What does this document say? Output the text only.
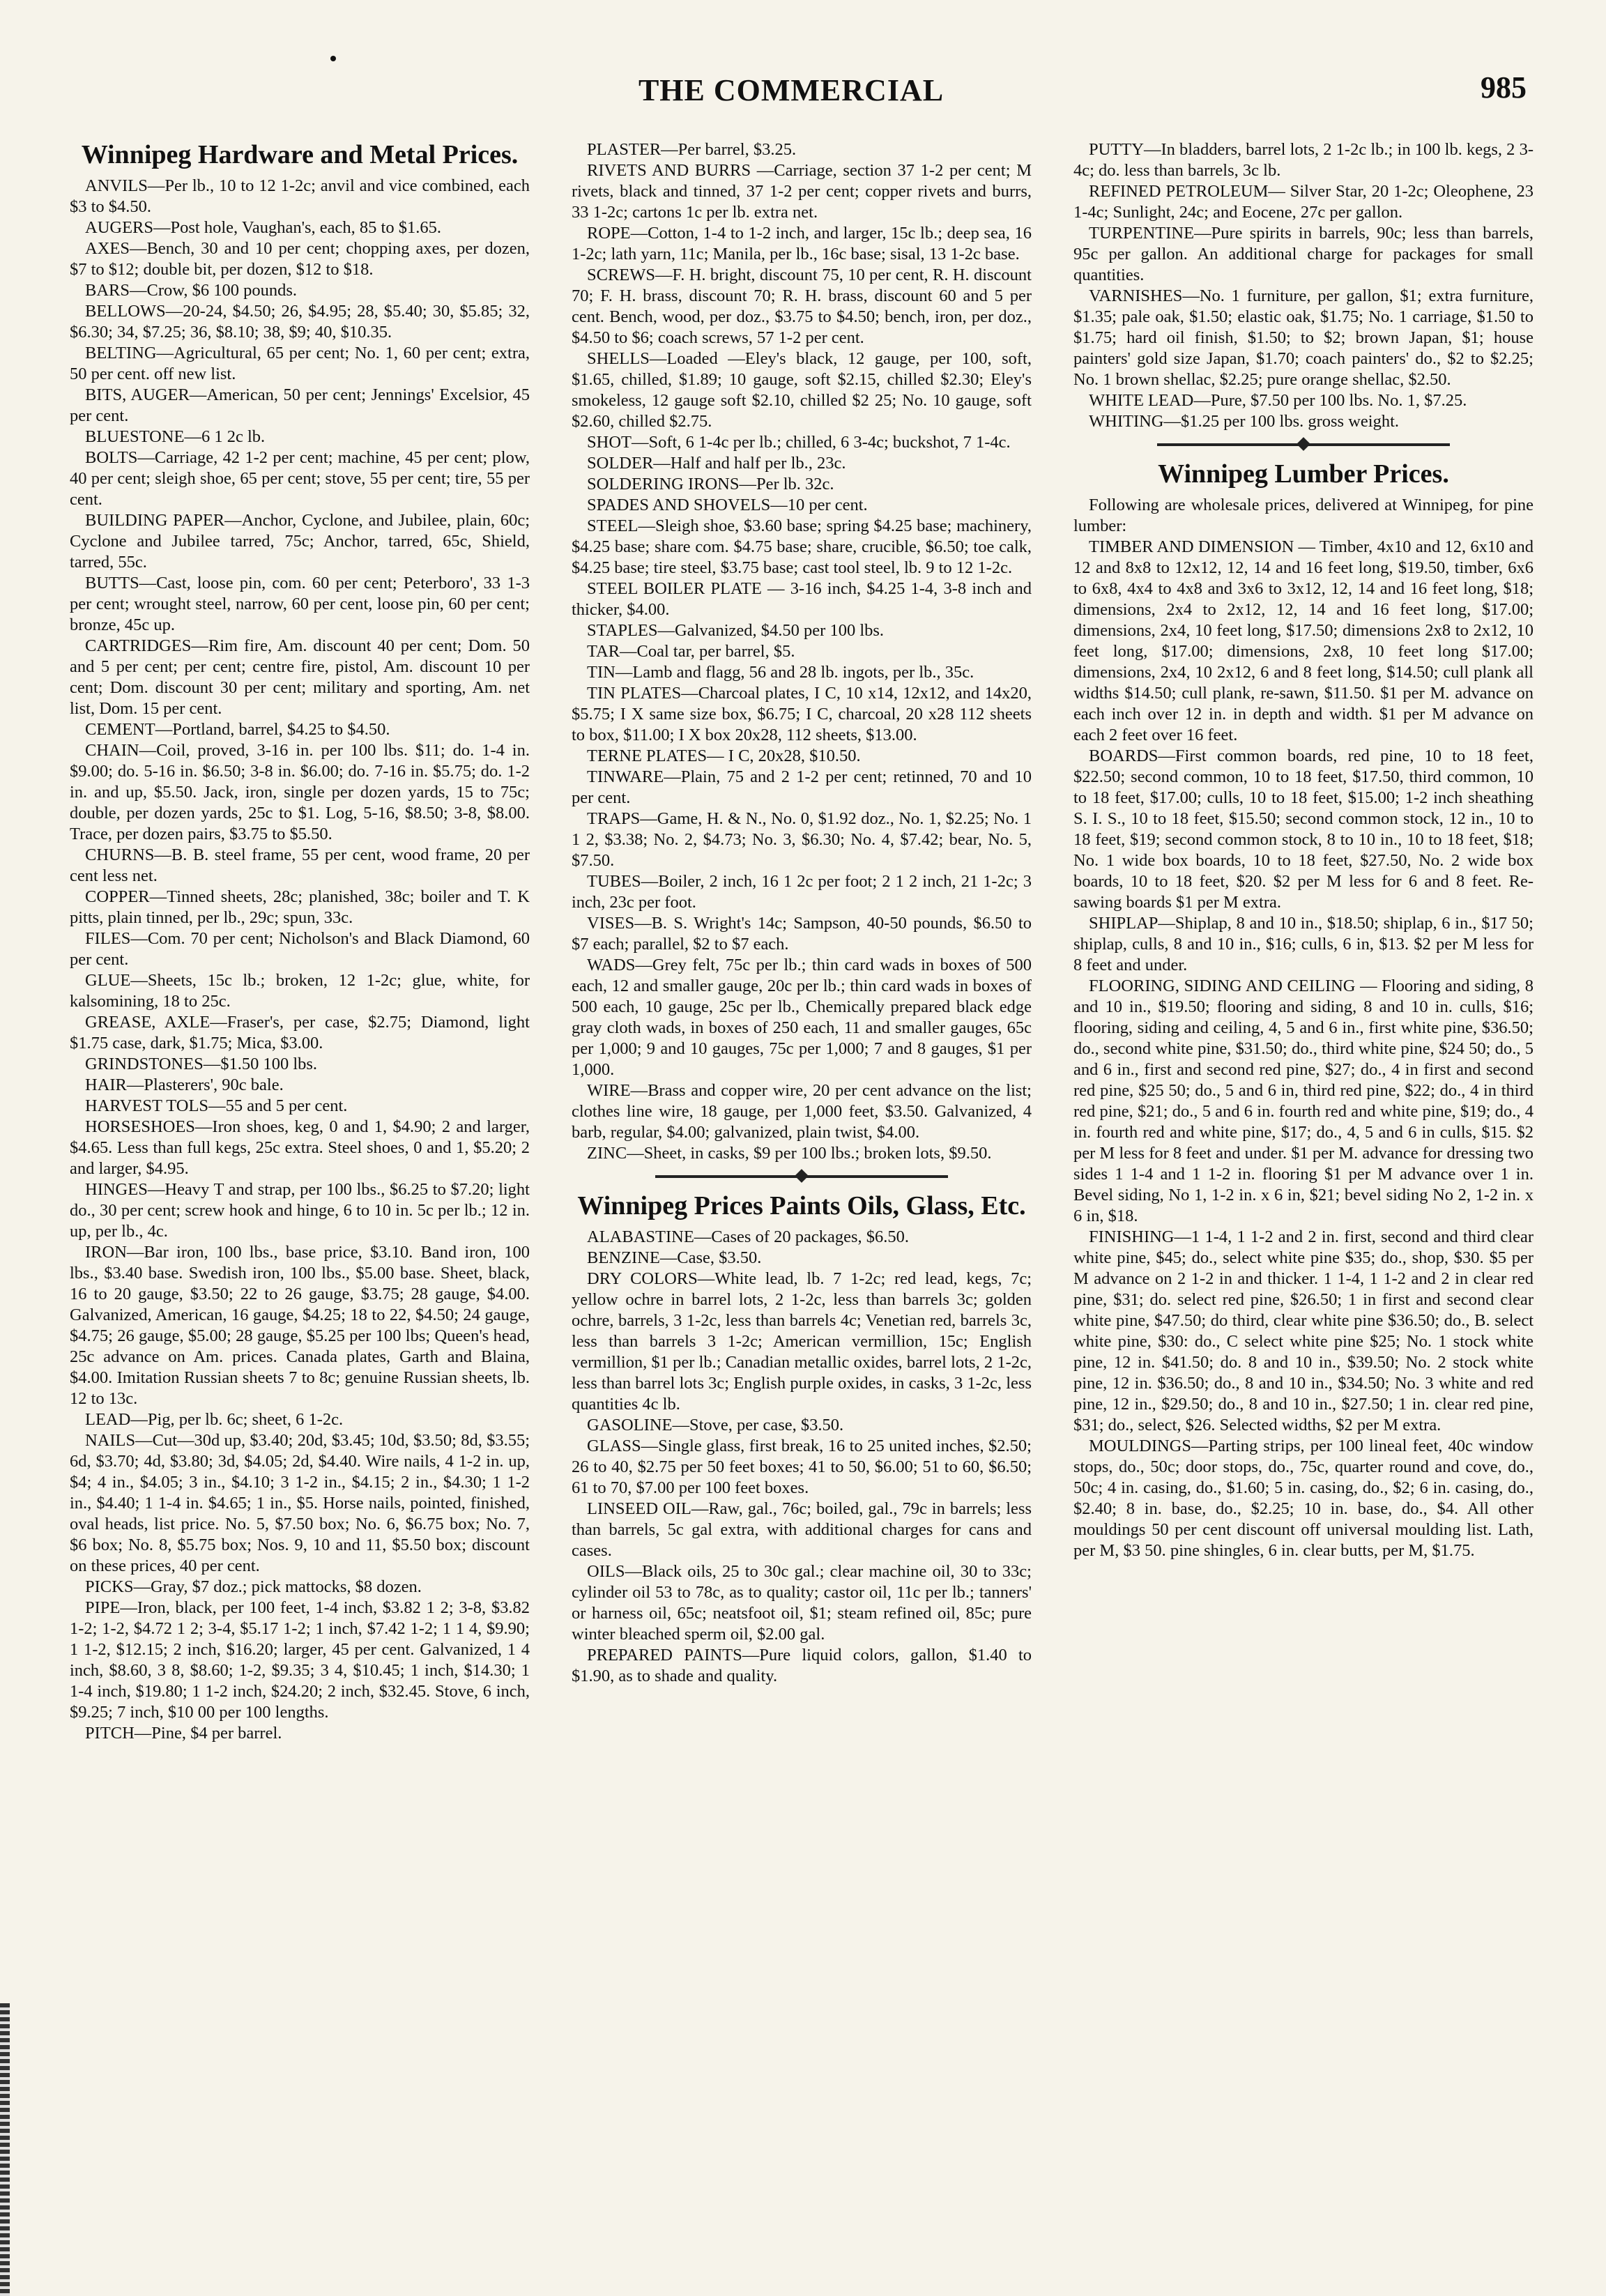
THE COMMERCIAL	985
Winnipeg Hardware and Metal Prices.

ANVILS—Per lb., 10 to 12 1-2c; anvil and vice combined, each $3 to $4.50.

AUGERS—Post hole, Vaughan's, each, 85 to $1.65.

AXES—Bench, 30 and 10 per cent; chopping axes, per dozen, $7 to $12; double bit, per dozen, $12 to $18.

BARS—Crow, $6 100 pounds.

BELLOWS—20-24, $4.50; 26, $4.95; 28, $5.40; 30, $5.85; 32, $6.30; 34, $7.25; 36, $8.10; 38, $9; 40, $10.35.

BELTING—Agricultural, 65 per cent; No. 1, 60 per cent; extra, 50 per cent. off new list.

BITS, AUGER—American, 50 per cent; Jennings' Excelsior, 45 per cent.

BLUESTONE—6 1 2c lb.

BOLTS—Carriage, 42 1-2 per cent; machine, 45 per cent; plow, 40 per cent; sleigh shoe, 65 per cent; stove, 55 per cent; tire, 55 per cent.

BUILDING PAPER—Anchor, Cyclone, and Jubilee, plain, 60c; Cyclone and Jubilee tarred, 75c; Anchor, tarred, 65c, Shield, tarred, 55c.

BUTTS—Cast, loose pin, com. 60 per cent; Peterboro', 33 1-3 per cent; wrought steel, narrow, 60 per cent, loose pin, 60 per cent; bronze, 45c up.

CARTRIDGES—Rim fire, Am. discount 40 per cent; Dom. 50 and 5 per cent; per cent; centre fire, pistol, Am. discount 10 per cent; Dom. discount 30 per cent; military and sporting, Am. net list, Dom. 15 per cent.

CEMENT—Portland, barrel, $4.25 to $4.50.

CHAIN—Coil, proved, 3-16 in. per 100 lbs. $11; do. 1-4 in. $9.00; do. 5-16 in. $6.50; 3-8 in. $6.00; do. 7-16 in. $5.75; do. 1-2 in. and up, $5.50. Jack, iron, single per dozen yards, 15 to 75c; double, per dozen yards, 25c to $1. Log, 5-16, $8.50; 3-8, $8.00. Trace, per dozen pairs, $3.75 to $5.50.

CHURNS—B. B. steel frame, 55 per cent, wood frame, 20 per cent less net.

COPPER—Tinned sheets, 28c; planished, 38c; boiler and T. K pitts, plain tinned, per lb., 29c; spun, 33c.

FILES—Com. 70 per cent; Nicholson's and Black Diamond, 60 per cent.

GLUE—Sheets, 15c lb.; broken, 12 1-2c; glue, white, for kalsomining, 18 to 25c.

GREASE, AXLE—Fraser's, per case, $2.75; Diamond, light $1.75 case, dark, $1.75; Mica, $3.00.

GRINDSTONES—$1.50 100 lbs.

HAIR—Plasterers', 90c bale.

HARVEST TOLS—55 and 5 per cent.

HORSESHOES—Iron shoes, keg, 0 and 1, $4.90; 2 and larger, $4.65. Less than full kegs, 25c extra. Steel shoes, 0 and 1, $5.20; 2 and larger, $4.95.

HINGES—Heavy T and strap, per 100 lbs., $6.25 to $7.20; light do., 30 per cent; screw hook and hinge, 6 to 10 in. 5c per lb.; 12 in. up, per lb., 4c.

IRON—Bar iron, 100 lbs., base price, $3.10. Band iron, 100 lbs., $3.40 base. Swedish iron, 100 lbs., $5.00 base. Sheet, black, 16 to 20 gauge, $3.50; 22 to 26 gauge, $3.75; 28 gauge, $4.00. Galvanized, American, 16 gauge, $4.25; 18 to 22, $4.50; 24 gauge, $4.75; 26 gauge, $5.00; 28 gauge, $5.25 per 100 lbs; Queen's head, 25c advance on Am. prices. Canada plates, Garth and Blaina, $4.00. Imitation Russian sheets 7 to 8c; genuine Russian sheets, lb. 12 to 13c.

LEAD—Pig, per lb. 6c; sheet, 6 1-2c.

NAILS—Cut—30d up, $3.40; 20d, $3.45; 10d, $3.50; 8d, $3.55; 6d, $3.70; 4d, $3.80; 3d, $4.05; 2d, $4.40. Wire nails, 4 1-2 in. up, $4; 4 in., $4.05; 3 in., $4.10; 3 1-2 in., $4.15; 2 in., $4.30; 1 1-2 in., $4.40; 1 1-4 in. $4.65; 1 in., $5. Horse nails, pointed, finished, oval heads, list price. No. 5, $7.50 box; No. 6, $6.75 box; No. 7, $6 box; No. 8, $5.75 box; Nos. 9, 10 and 11, $5.50 box; discount on these prices, 40 per cent.

PICKS—Gray, $7 doz.; pick mattocks, $8 dozen.

PIPE—Iron, black, per 100 feet, 1-4 inch, $3.82 1 2; 3-8, $3.82 1-2; 1-2, $4.72 1 2; 3-4, $5.17 1-2; 1 inch, $7.42 1-2; 1 1 4, $9.90; 1 1-2, $12.15; 2 inch, $16.20; larger, 45 per cent. Galvanized, 1 4 inch, $8.60, 3 8, $8.60; 1-2, $9.35; 3 4, $10.45; 1 inch, $14.30; 1 1-4 inch, $19.80; 1 1-2 inch, $24.20; 2 inch, $32.45. Stove, 6 inch, $9.25; 7 inch, $10 00 per 100 lengths.

PITCH—Pine, $4 per barrel.

PLASTER—Per barrel, $3.25.

RIVETS AND BURRS —Carriage, section 37 1-2 per cent; M rivets, black and tinned, 37 1-2 per cent; copper rivets and burrs, 33 1-2c; cartons 1c per lb. extra net.

ROPE—Cotton, 1-4 to 1-2 inch, and larger, 15c lb.; deep sea, 16 1-2c; lath yarn, 11c; Manila, per lb., 16c base; sisal, 13 1-2c base.

SCREWS—F. H. bright, discount 75, 10 per cent, R. H. discount 70; F. H. brass, discount 70; R. H. brass, discount 60 and 5 per cent. Bench, wood, per doz., $3.75 to $4.50; bench, iron, per doz., $4.50 to $6; coach screws, 57 1-2 per cent.

SHELLS—Loaded —Eley's black, 12 gauge, per 100, soft, $1.65, chilled, $1.89; 10 gauge, soft $2.15, chilled $2.30; Eley's smokeless, 12 gauge soft $2.10, chilled $2 25; No. 10 gauge, soft $2.60, chilled $2.75.

SHOT—Soft, 6 1-4c per lb.; chilled, 6 3-4c; buckshot, 7 1-4c.

SOLDER—Half and half per lb., 23c.

SOLDERING IRONS—Per lb. 32c.

SPADES AND SHOVELS—10 per cent.

STEEL—Sleigh shoe, $3.60 base; spring $4.25 base; machinery, $4.25 base; share com. $4.75 base; share, crucible, $6.50; toe calk, $4.25 base; tire steel, $3.75 base; cast tool steel, lb. 9 to 12 1-2c.

STEEL BOILER PLATE — 3-16 inch, $4.25 1-4, 3-8 inch and thicker, $4.00.

STAPLES—Galvanized, $4.50 per 100 lbs.

TAR—Coal tar, per barrel, $5.

TIN—Lamb and flagg, 56 and 28 lb. ingots, per lb., 35c.

TIN PLATES—Charcoal plates, I C, 10 x14, 12x12, and 14x20, $5.75; I X same size box, $6.75; I C, charcoal, 20 x28 112 sheets to box, $11.00; I X box 20x28, 112 sheets, $13.00.

TERNE PLATES— I C, 20x28, $10.50.

TINWARE—Plain, 75 and 2 1-2 per cent; retinned, 70 and 10 per cent.

TRAPS—Game, H. & N., No. 0, $1.92 doz., No. 1, $2.25; No. 1 1 2, $3.38; No. 2, $4.73; No. 3, $6.30; No. 4, $7.42; bear, No. 5, $7.50.

TUBES—Boiler, 2 inch, 16 1 2c per foot; 2 1 2 inch, 21 1-2c; 3 inch, 23c per foot.

VISES—B. S. Wright's 14c; Sampson, 40-50 pounds, $6.50 to $7 each; parallel, $2 to $7 each.

WADS—Grey felt, 75c per lb.; thin card wads in boxes of 500 each, 12 and smaller gauge, 20c per lb.; thin card wads in boxes of 500 each, 10 gauge, 25c per lb., Chemically prepared black edge gray cloth wads, in boxes of 250 each, 11 and smaller gauges, 65c per 1,000; 9 and 10 gauges, 75c per 1,000; 7 and 8 gauges, $1 per 1,000.

WIRE—Brass and copper wire, 20 per cent advance on the list; clothes line wire, 18 gauge, per 1,000 feet, $3.50. Galvanized, 4 barb, regular, $4.00; galvanized, plain twist, $4.00.

ZINC—Sheet, in casks, $9 per 100 lbs.; broken lots, $9.50.

Winnipeg Prices Paints Oils, Glass, Etc.

ALABASTINE—Cases of 20 packages, $6.50.

BENZINE—Case, $3.50.

DRY COLORS—White lead, lb. 7 1-2c; red lead, kegs, 7c; yellow ochre in barrel lots, 2 1-2c, less than barrels 3c; golden ochre, barrels, 3 1-2c, less than barrels 4c; Venetian red, barrels 3c, less than barrels 3 1-2c; American vermillion, 15c; English vermillion, $1 per lb.; Canadian metallic oxides, barrel lots, 2 1-2c, less than barrel lots 3c; English purple oxides, in casks, 3 1-2c, less quantities 4c lb.

GASOLINE—Stove, per case, $3.50.

GLASS—Single glass, first break, 16 to 25 united inches, $2.50; 26 to 40, $2.75 per 50 feet boxes; 41 to 50, $6.00; 51 to 60, $6.50; 61 to 70, $7.00 per 100 feet boxes.

LINSEED OIL—Raw, gal., 76c; boiled, gal., 79c in barrels; less than barrels, 5c gal extra, with additional charges for cans and cases.

OILS—Black oils, 25 to 30c gal.; clear machine oil, 30 to 33c; cylinder oil 53 to 78c, as to quality; castor oil, 11c per lb.; tanners' or harness oil, 65c; neatsfoot oil, $1; steam refined oil, 85c; pure winter bleached sperm oil, $2.00 gal.

PREPARED PAINTS—Pure liquid colors, gallon, $1.40 to $1.90, as to shade and quality.

PUTTY—In bladders, barrel lots, 2 1-2c lb.; in 100 lb. kegs, 2 3-4c; do. less than barrels, 3c lb.

REFINED PETROLEUM— Silver Star, 20 1-2c; Oleophene, 23 1-4c; Sunlight, 24c; and Eocene, 27c per gallon.

TURPENTINE—Pure spirits in barrels, 90c; less than barrels, 95c per gallon. An additional charge for packages for small quantities.

VARNISHES—No. 1 furniture, per gallon, $1; extra furniture, $1.35; pale oak, $1.50; elastic oak, $1.75; No. 1 carriage, $1.50 to $1.75; hard oil finish, $1.50; to $2; brown Japan, $1; house painters' gold size Japan, $1.70; coach painters' do., $2 to $2.25; No. 1 brown shellac, $2.25; pure orange shellac, $2.50.

WHITE LEAD—Pure, $7.50 per 100 lbs. No. 1, $7.25.

WHITING—$1.25 per 100 lbs. gross weight.

Winnipeg Lumber Prices.

Following are wholesale prices, delivered at Winnipeg, for pine lumber:

TIMBER AND DIMENSION — Timber, 4x10 and 12, 6x10 and 12 and 8x8 to 12x12, 12, 14 and 16 feet long, $19.50, timber, 6x6 to 6x8, 4x4 to 4x8 and 3x6 to 3x12, 12, 14 and 16 feet long, $18; dimensions, 2x4 to 2x12, 12, 14 and 16 feet long, $17.00; dimensions, 2x4, 10 feet long, $17.50; dimensions 2x8 to 2x12, 10 feet long, $17.00; dimensions, 2x8, 10 feet long $17.00; dimensions, 2x4, 10 2x12, 6 and 8 feet long, $14.50; cull plank all widths $14.50; cull plank, re-sawn, $11.50. $1 per M. advance on each inch over 12 in. in depth and width. $1 per M advance on each 2 feet over 16 feet.

BOARDS—First common boards, red pine, 10 to 18 feet, $22.50; second common, 10 to 18 feet, $17.50, third common, 10 to 18 feet, $17.00; culls, 10 to 18 feet, $15.00; 1-2 inch sheathing S. I. S., 10 to 18 feet, $15.50; second common stock, 12 in., 10 to 18 feet, $19; second common stock, 8 to 10 in., 10 to 18 feet, $18; No. 1 wide box boards, 10 to 18 feet, $27.50, No. 2 wide box boards, 10 to 18 feet, $20. $2 per M less for 6 and 8 feet. Re-sawing boards $1 per M extra.

SHIPLAP—Shiplap, 8 and 10 in., $18.50; shiplap, 6 in., $17 50; shiplap, culls, 8 and 10 in., $16; culls, 6 in, $13. $2 per M less for 8 feet and under.

FLOORING, SIDING AND CEILING — Flooring and siding, 8 and 10 in., $19.50; flooring and siding, 8 and 10 in. culls, $16; flooring, siding and ceiling, 4, 5 and 6 in., first white pine, $36.50; do., second white pine, $31.50; do., third white pine, $24 50; do., 5 and 6 in., first and second red pine, $27; do., 4 in first and second red pine, $25 50; do., 5 and 6 in, third red pine, $22; do., 4 in third red pine, $21; do., 5 and 6 in. fourth red and white pine, $19; do., 4 in. fourth red and white pine, $17; do., 4, 5 and 6 in culls, $15. $2 per M less for 8 feet and under. $1 per M. advance for dressing two sides 1 1-4 and 1 1-2 in. flooring $1 per M advance over 1 in. Bevel siding, No 1, 1-2 in. x 6 in, $21; bevel siding No 2, 1-2 in. x 6 in, $18.

FINISHING—1 1-4, 1 1-2 and 2 in. first, second and third clear white pine, $45; do., select white pine $35; do., shop, $30. $5 per M advance on 2 1-2 in and thicker. 1 1-4, 1 1-2 and 2 in clear red pine, $31; do. select red pine, $26.50; 1 in first and second clear white pine, $47.50; do third, clear white pine $36.50; do., B. select white pine, $30: do., C select white pine $25; No. 1 stock white pine, 12 in. $41.50; do. 8 and 10 in., $39.50; No. 2 stock white pine, 12 in. $36.50; do., 8 and 10 in., $34.50; No. 3 white and red pine, 12 in., $29.50; do., 8 and 10 in., $27.50; 1 in. clear red pine, $31; do., select, $26. Selected widths, $2 per M extra.

MOULDINGS—Parting strips, per 100 lineal feet, 40c window stops, do., 50c; door stops, do., 75c, quarter round and cove, do., 50c; 4 in. casing, do., $1.60; 5 in. casing, do., $2; 6 in. casing, do., $2.40; 8 in. base, do., $2.25; 10 in. base, do., $4. All other mouldings 50 per cent discount off universal moulding list. Lath, per M, $3 50. pine shingles, 6 in. clear butts, per M, $1.75.
